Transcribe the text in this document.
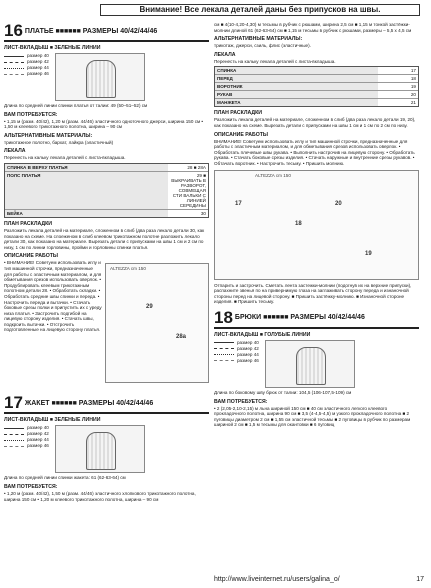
Внимание! Все лекала деталей даны без припусков на швы.
16 ПЛАТЬЕ ■■■■■■ РАЗМЕРЫ 40/42/44/46
ЛИСТ-ВКЛАДЫШ ■ ЗЕЛЕНЫЕ ЛИНИИ
размер 40
размер 42
размер 44
размер 46
Длина по средней линии спинки платья от талии: 49 (50–51–52) см
ВАМ ПОТРЕБУЕТСЯ:
• 1,15 м (разм. 40/42), 1,20 м (разм. 44/46) эластичного одноточного джерси, ширина 150 см • 1,50 м клеевого трикотажного полотна, ширина – 90 см
АЛЬТЕРНАТИВНЫЕ МАТЕРИАЛЫ:
трикотажное полотно, бархат, лайкра (эластичный)
ЛЕКАЛА
Перенесть на кальку лекала деталей с листа-вкладыша.
СПИНКА В ВЕРХУ ПЛАТЬЯ	28 ■ 28А
ПОЛС ПЛАТЬЯ	29 ■ ВЫКРАИВАТЬ В РАЗВОРОТ, СОВМЕЩАЯ СТИ ВАЛЬКИ С ЛИНИЕЙ СЕРЕДИНЫ
БЕЙКА	30
ПЛАН РАСКЛАДКИ
Разложить лекала деталей на материале, сложенном в слиб (два раза лекало детали 30, как показано на схеме. На слоеженом в слиб клеевом трикотажном полотне разложить лекало детали 30, как показано на материале. Вырезать детали с припусками на швы 1 см и 2 см по низу, 1 см по линии горловины, пройми и горловины спинки платья.
ОПИСАНИЕ РАБОТЫ
• ВНИМАНИЕ! Советуем использовать иглу и тип машинной строчки, предназначенные для работы с эластичным материалом, и для обметывания срезов использовать оверлок. • Продублировать клеевым трикотажным полотном детали 28. • Обработать складки. • Обработать средние швы спинки и переда. • Настрочить переда и вытачки. • Стачать боковые срезы полки и припустить их с уреду низа платья. • Застрочить подгибой на лицевую сторону изделия. • Стачать швы, подкроить вытачки. • Отстрочить подготовленные на лицевую сторону платья.
ALTEZZA cm 150
29
28a
17 ЖАКЕТ ■■■■■■ РАЗМЕРЫ 40/42/44/46
ЛИСТ-ВКЛАДЫШ ■ ЗЕЛЕНЫЕ ЛИНИИ
размер 40
размер 42
размер 44
размер 46
Длина по средней линии спинки жакета: 61 (62-63-64) см
ВАМ ПОТРЕБУЕТСЯ:
• 1,20 м (разм. 40/42), 1,50 м (разм. 44/46) эластичного хлопкового трикотажного полотна, ширина 150 см • 1,20 м клеевого трикотажного полотна, ширина – 90 см
см ■ 4(10-4,20-4,30) м тесьмы в рубчик с рюшами, ширина 2,5 см ■ 1,15 м тонкой застёжки-молнии длиной 61 (62-63-64) см ■ 1,15 м тесьмы в рубчик с рюшами, размеры – 5,5 х 4,5 см
АЛЬТЕРНАТИВНЫЕ МАТЕРИАЛЫ:
трикотаж, джерси, сзиль, флис (эластичные).
ЛЕКАЛА
Перенесть на кальку лекала деталей с листа-вкладыша.
СПИНКА	17
ПЕРЕД	18
ВОРОТНИК	19
РУКАВ	20
МАНЖЕТА	21
ПЛАН РАСКЛАДКИ
Разложить лекала деталей на материале, сложенном в слиб (два раза лекало детали 19, 20), как показано на схеме. Вырезать детали с припусками на швы 1 см и 1 см по 2 см по низу.
ОПИСАНИЕ РАБОТЫ
ВНИМАНИЕ! Советуем использовать иглу и тип машинной строчки, предназначенные для работы с эластичным материалом, и для обметывания срезов использовать оверлок. • Обработать плечевые швы рукава. • Выполнить настрочив на лицевую сторону. • Обработать рукава. • Стачать боковые срезы изделия. • Стачать наружные и внутренние срезы рукавов. • Обтачать воротник. • Настрочить тесьму. • Пришить молнию.
ALTEZZA cm 150
17
18
20
19
Отпарить и застрочить. Сметать лента застежки-молнии (подогнув их на верхние припуски), распахните звенья по на привернимую глаза на заглаживать сторону переда и изнаночной стороны перед на лицевой сторону. ■ Пришить застёжку-молнию. ■ Изнаночной стороне изделия. ■ Пришить тесьму.
18 БРЮКИ ■■■■■■ РАЗМЕРЫ 40/42/44/46
ЛИСТ-ВКЛАДЫШ ■ ГОЛУБЫЕ ЛИНИИ
размер 40
размер 42
размер 44
размер 46
Длина по боковому шву брюк от талии: 104,5 (106-107,5-109) см
ВАМ ПОТРЕБУЕТСЯ:
• 2 (2,05-2,10-2,15) м льна шириной 150 см ■ 40 см эластичного легкого клеевого прокладочного полотна, ширина 90 см ■ 3,5 (4-4,5-4,5) м узкого прокладочного полотна ■ 2 пуговицы диаметром 2 см ■ 1,55 см эластичной тесьмы ■ 2 пуговицы в рубчик по размерам шириной 2 см ■ 1,5 м тесьмы для окантовки ■ 6 пуговиц
http://www.liveinternet.ru/users/galina_o/	17
